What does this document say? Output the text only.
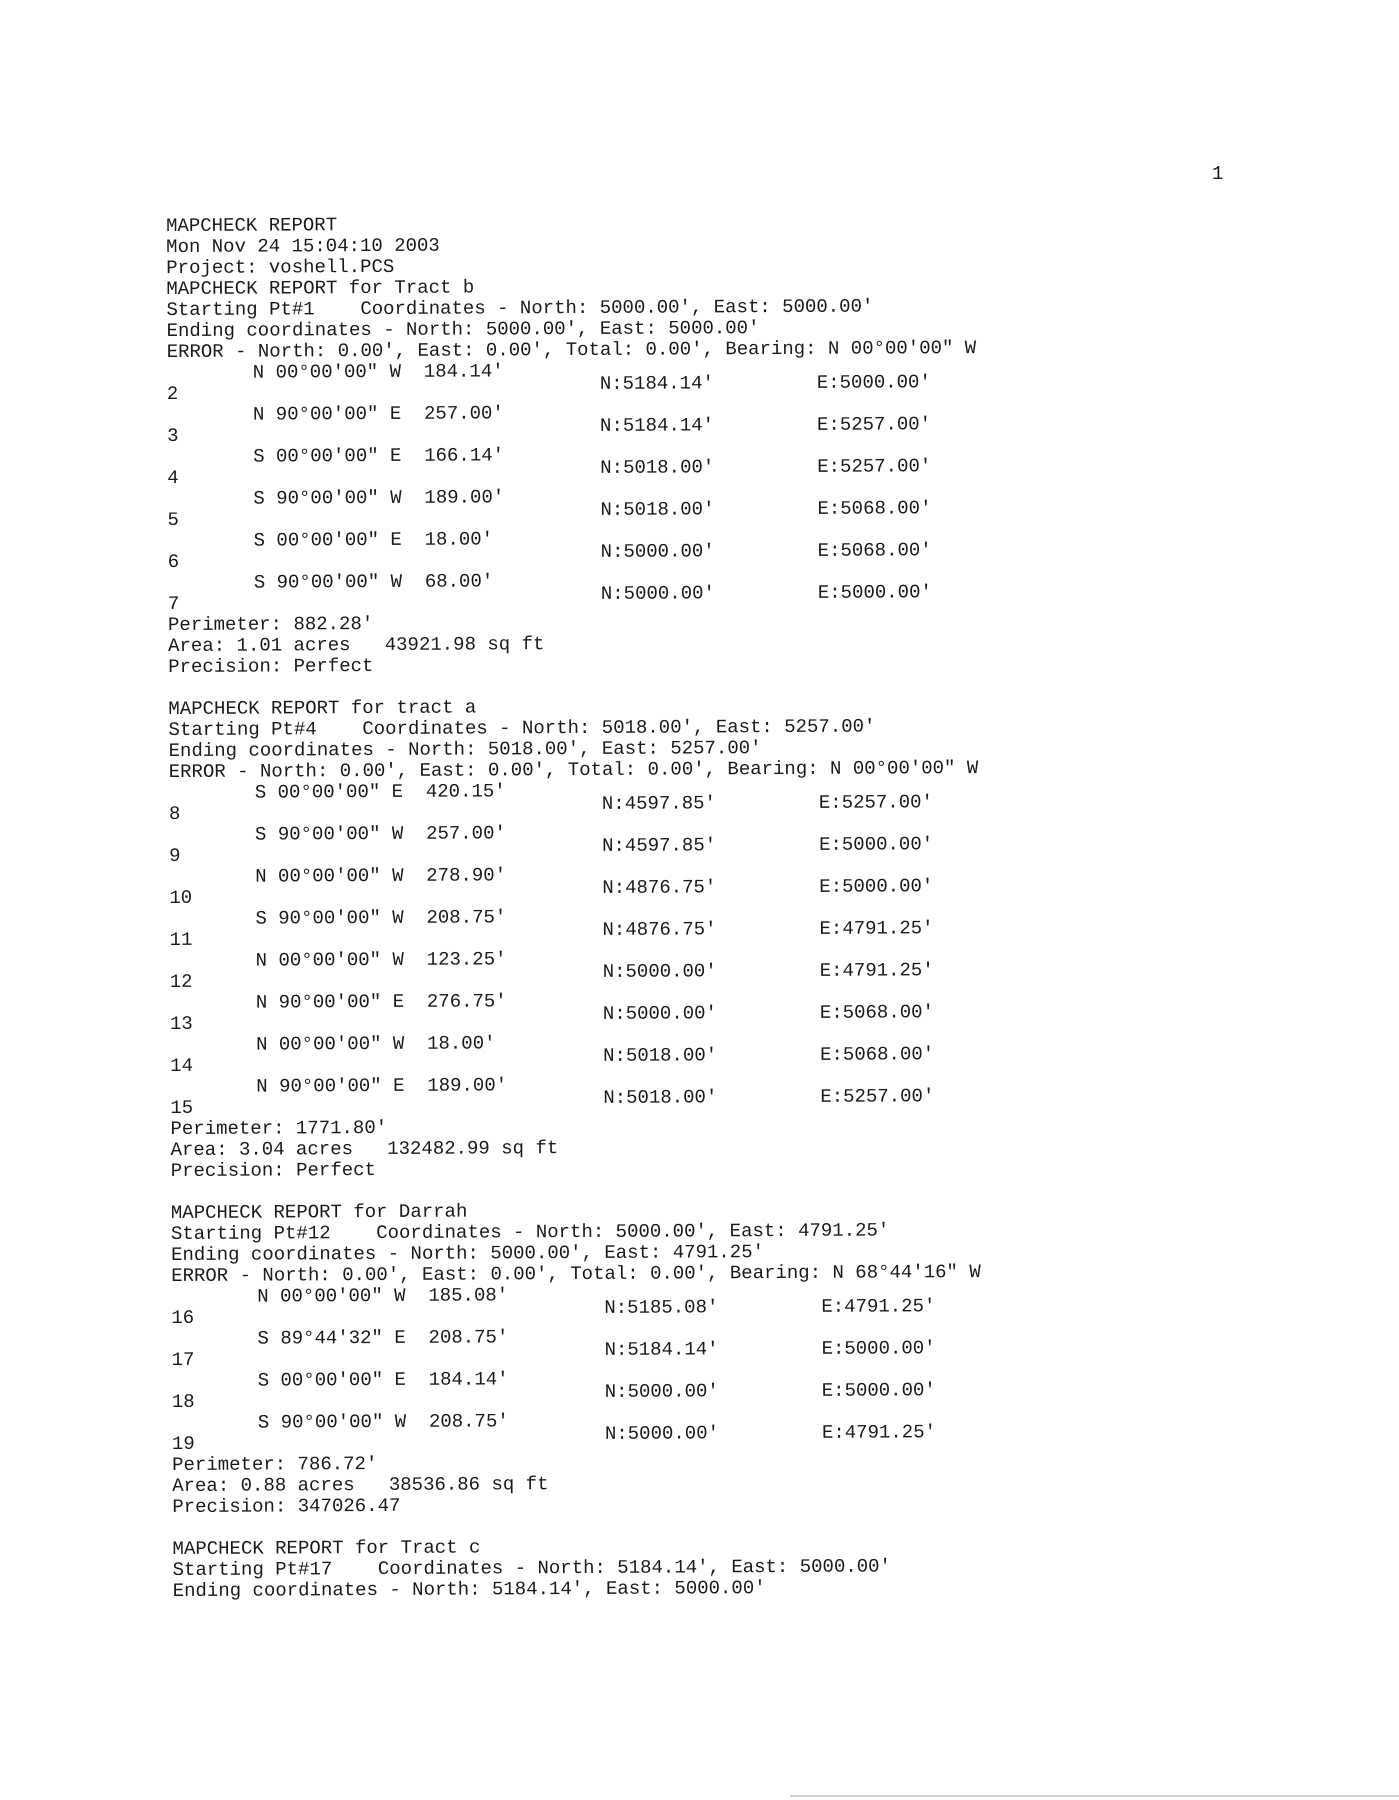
1
MAPCHECK REPORT
Mon Nov 24 15:04:10 2003
Project: voshell.PCS
MAPCHECK REPORT for Tract b
Starting Pt#1    Coordinates - North: 5000.00', East: 5000.00'
Ending coordinates - North: 5000.00', East: 5000.00'
ERROR - North: 0.00', East: 0.00', Total: 0.00', Bearing: N 00°00'00" W
N 00°00'00" W  184.14'
2	N:5184.14'	E:5000.00'
N 90°00'00" E  257.00'
3	N:5184.14'	E:5257.00'
S 00°00'00" E  166.14'
4	N:5018.00'	E:5257.00'
S 90°00'00" W  189.00'
5	N:5018.00'	E:5068.00'
S 00°00'00" E  18.00'
6	N:5000.00'	E:5068.00'
S 90°00'00" W  68.00'
7	N:5000.00'	E:5000.00'
Perimeter: 882.28'
Area: 1.01 acres   43921.98 sq ft
Precision: Perfect
MAPCHECK REPORT for tract a
Starting Pt#4    Coordinates - North: 5018.00', East: 5257.00'
Ending coordinates - North: 5018.00', East: 5257.00'
ERROR - North: 0.00', East: 0.00', Total: 0.00', Bearing: N 00°00'00" W
S 00°00'00" E  420.15'
8	N:4597.85'	E:5257.00'
S 90°00'00" W  257.00'
9	N:4597.85'	E:5000.00'
N 00°00'00" W  278.90'
10	N:4876.75'	E:5000.00'
S 90°00'00" W  208.75'
11	N:4876.75'	E:4791.25'
N 00°00'00" W  123.25'
12	N:5000.00'	E:4791.25'
N 90°00'00" E  276.75'
13	N:5000.00'	E:5068.00'
N 00°00'00" W  18.00'
14	N:5018.00'	E:5068.00'
N 90°00'00" E  189.00'
15	N:5018.00'	E:5257.00'
Perimeter: 1771.80'
Area: 3.04 acres   132482.99 sq ft
Precision: Perfect
MAPCHECK REPORT for Darrah
Starting Pt#12    Coordinates - North: 5000.00', East: 4791.25'
Ending coordinates - North: 5000.00', East: 4791.25'
ERROR - North: 0.00', East: 0.00', Total: 0.00', Bearing: N 68°44'16" W
N 00°00'00" W  185.08'
16	N:5185.08'	E:4791.25'
S 89°44'32" E  208.75'
17	N:5184.14'	E:5000.00'
S 00°00'00" E  184.14'
18	N:5000.00'	E:5000.00'
S 90°00'00" W  208.75'
19	N:5000.00'	E:4791.25'
Perimeter: 786.72'
Area: 0.88 acres   38536.86 sq ft
Precision: 347026.47
MAPCHECK REPORT for Tract c
Starting Pt#17    Coordinates - North: 5184.14', East: 5000.00'
Ending coordinates - North: 5184.14', East: 5000.00'
